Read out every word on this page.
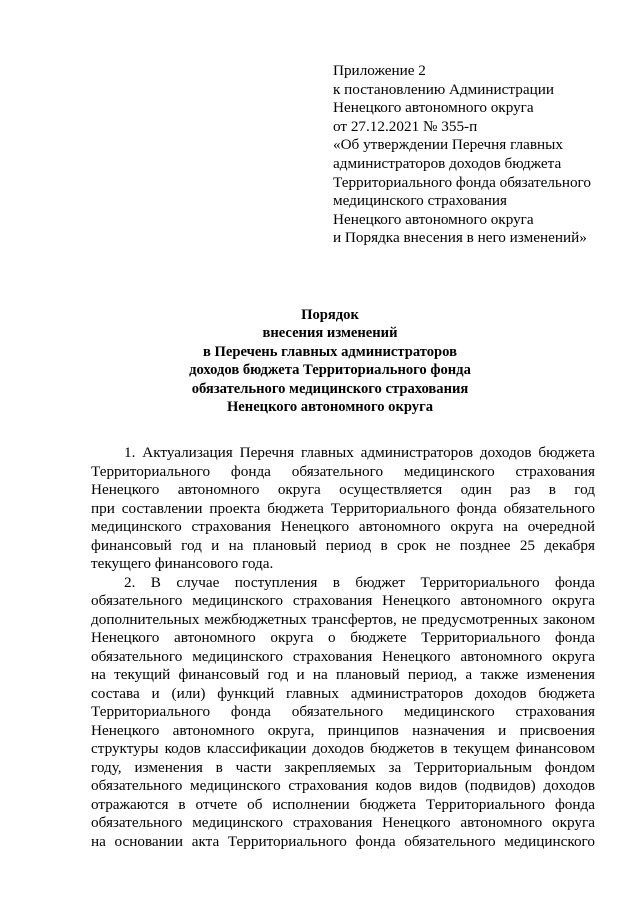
Приложение 2
к постановлению Администрации
Ненецкого автономного округа
от 27.12.2021 № 355-п
«Об утверждении Перечня главных
администраторов доходов бюджета
Территориального фонда обязательного
медицинского страхования
Ненецкого автономного округа
и Порядка внесения в него изменений»
Порядок
внесения изменений
в Перечень главных администраторов
доходов бюджета Территориального фонда
обязательного медицинского страхования
Ненецкого автономного округа
1. Актуализация Перечня главных администраторов доходов бюджета
Территориального фонда обязательного медицинского страхования
Ненецкого автономного округа осуществляется один раз в год
при составлении проекта бюджета Территориального фонда обязательного
медицинского страхования Ненецкого автономного округа на очередной
финансовый год и на плановый период в срок не позднее 25 декабря
текущего финансового года.
2. В случае поступления в бюджет Территориального фонда
обязательного медицинского страхования Ненецкого автономного округа
дополнительных межбюджетных трансфертов, не предусмотренных законом
Ненецкого автономного округа о бюджете Территориального фонда
обязательного медицинского страхования Ненецкого автономного округа
на текущий финансовый год и на плановый период, а также изменения
состава и (или) функций главных администраторов доходов бюджета
Территориального фонда обязательного медицинского страхования
Ненецкого автономного округа, принципов назначения и присвоения
структуры кодов классификации доходов бюджетов в текущем финансовом
году, изменения в части закрепляемых за Территориальным фондом
обязательного медицинского страхования кодов видов (подвидов) доходов
отражаются в отчете об исполнении бюджета Территориального фонда
обязательного медицинского страхования Ненецкого автономного округа
на основании акта Территориального фонда обязательного медицинского
